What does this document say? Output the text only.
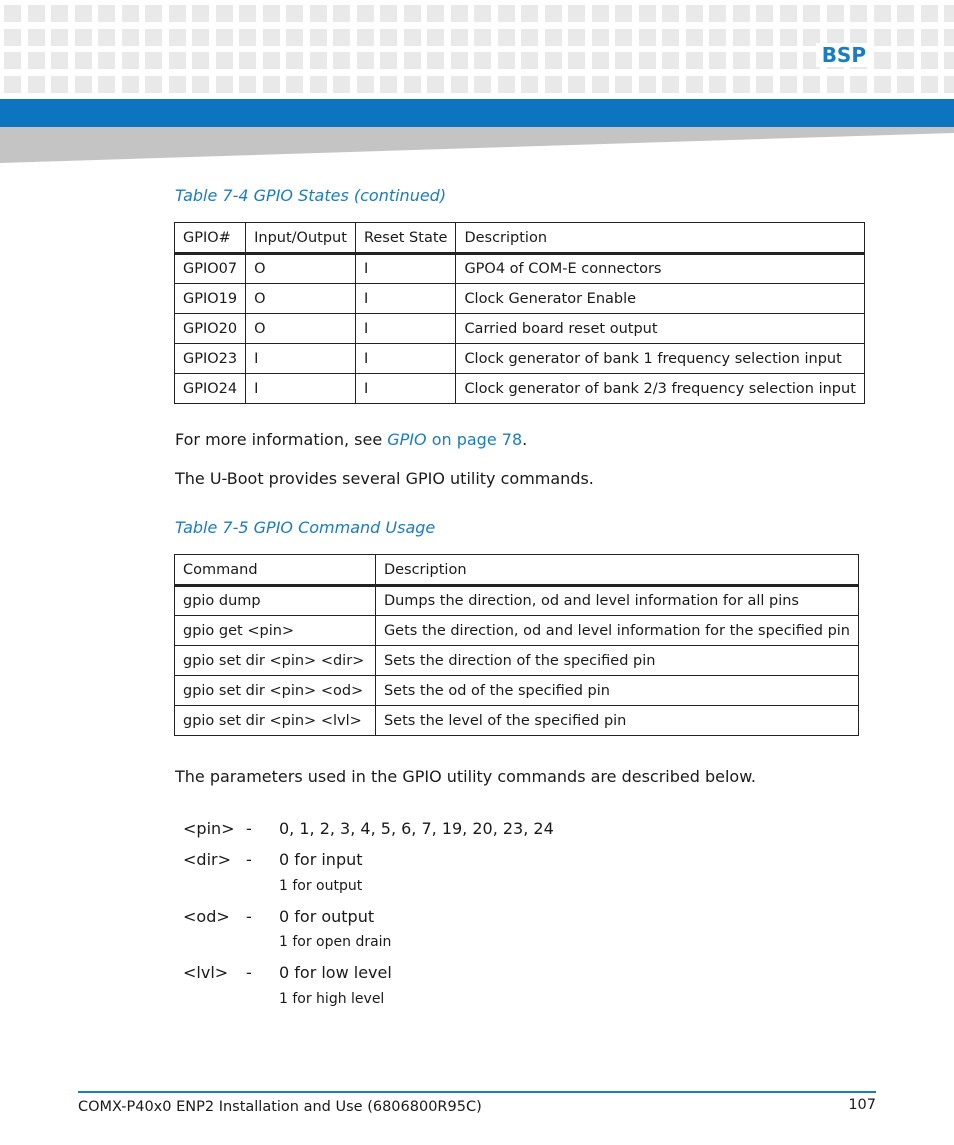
BSP
Table 7-4 GPIO States (continued)
GPIO#	Input/Output	Reset State	Description
GPIO07	O	I	GPO4 of COM-E connectors
GPIO19	O	I	Clock Generator Enable
GPIO20	O	I	Carried board reset output
GPIO23	I	I	Clock generator of bank 1 frequency selection input
GPIO24	I	I	Clock generator of bank 2/3 frequency selection input
For more information, see GPIO on page 78.
The U-Boot provides several GPIO utility commands.
Table 7-5 GPIO Command Usage
Command	Description
gpio dump	Dumps the direction, od and level information for all pins
gpio get <pin>	Gets the direction, od and level information for the specified pin
gpio set dir <pin> <dir>	Sets the direction of the specified pin
gpio set dir <pin> <od>	Sets the od of the specified pin
gpio set dir <pin> <lvl>	Sets the level of the specified pin
The parameters used in the GPIO utility commands are described below.
<pin> - 0, 1, 2, 3, 4, 5, 6, 7, 19, 20, 23, 24
<dir> - 0 for input
1 for output
<od> - 0 for output
1 for open drain
<lvl> - 0 for low level
1 for high level
COMX-P40x0 ENP2 Installation and Use (6806800R95C)	107
